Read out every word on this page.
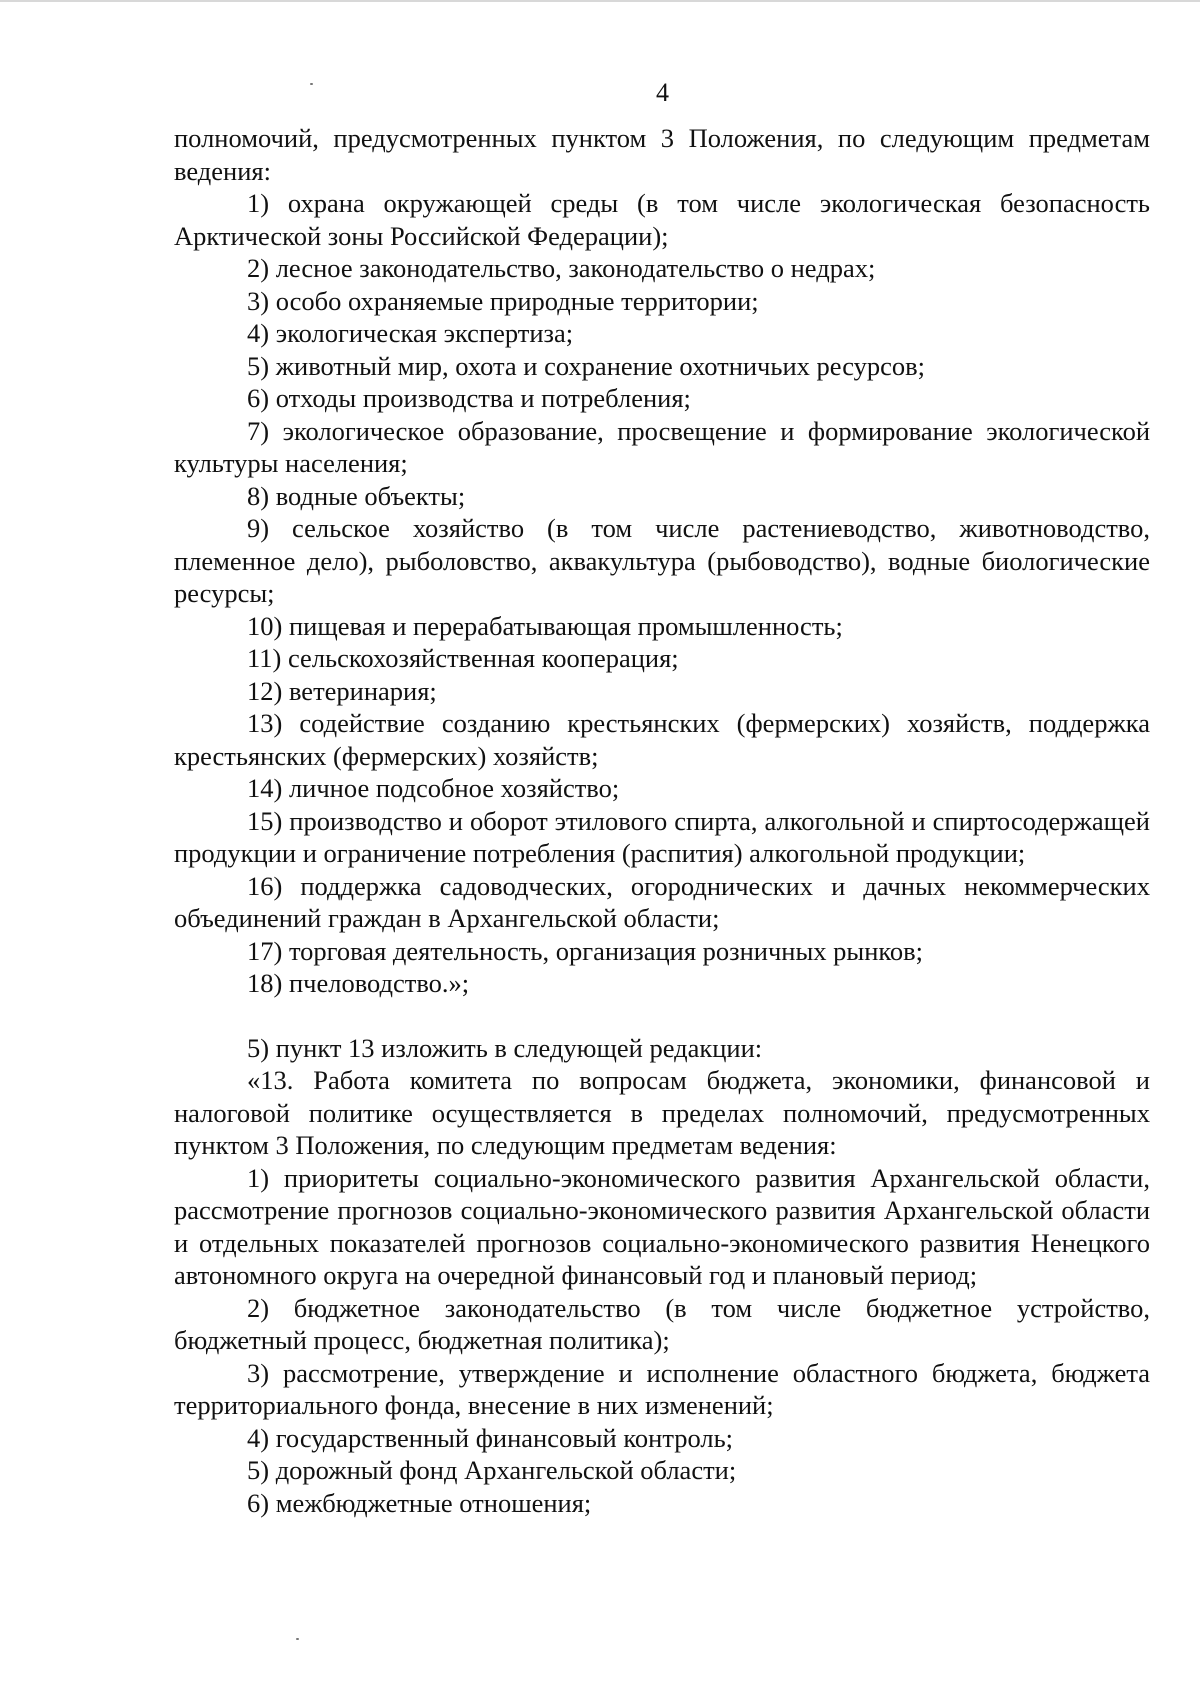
4

полномочий, предусмотренных пунктом 3 Положения, по следующим предметам ведения:

1) охрана окружающей среды (в том числе экологическая безопасность Арктической зоны Российской Федерации);

2) лесное законодательство, законодательство о недрах;

3) особо охраняемые природные территории;

4) экологическая экспертиза;

5) животный мир, охота и сохранение охотничьих ресурсов;

6) отходы производства и потребления;

7) экологическое образование, просвещение и формирование экологической культуры населения;

8) водные объекты;

9) сельское хозяйство (в том числе растениеводство, животноводство, племенное дело), рыболовство, аквакультура (рыбоводство), водные биологические ресурсы;

10) пищевая и перерабатывающая промышленность;

11) сельскохозяйственная кооперация;

12) ветеринария;

13) содействие созданию крестьянских (фермерских) хозяйств, поддержка крестьянских (фермерских) хозяйств;

14) личное подсобное хозяйство;

15) производство и оборот этилового спирта, алкогольной и спиртосодержащей продукции и ограничение потребления (распития) алкогольной продукции;

16) поддержка садоводческих, огороднических и дачных некоммерческих объединений граждан в Архангельской области;

17) торговая деятельность, организация розничных рынков;

18) пчеловодство.»;

5) пункт 13 изложить в следующей редакции:

«13. Работа комитета по вопросам бюджета, экономики, финансовой и налоговой политике осуществляется в пределах полномочий, предусмотренных пунктом 3 Положения, по следующим предметам ведения:

1) приоритеты социально-экономического развития Архангельской области, рассмотрение прогнозов социально-экономического развития Архангельской области и отдельных показателей прогнозов социально-экономического развития Ненецкого автономного округа на очередной финансовый год и плановый период;

2) бюджетное законодательство (в том числе бюджетное устройство, бюджетный процесс, бюджетная политика);

3) рассмотрение, утверждение и исполнение областного бюджета, бюджета территориального фонда, внесение в них изменений;

4) государственный финансовый контроль;

5) дорожный фонд Архангельской области;

6) межбюджетные отношения;
